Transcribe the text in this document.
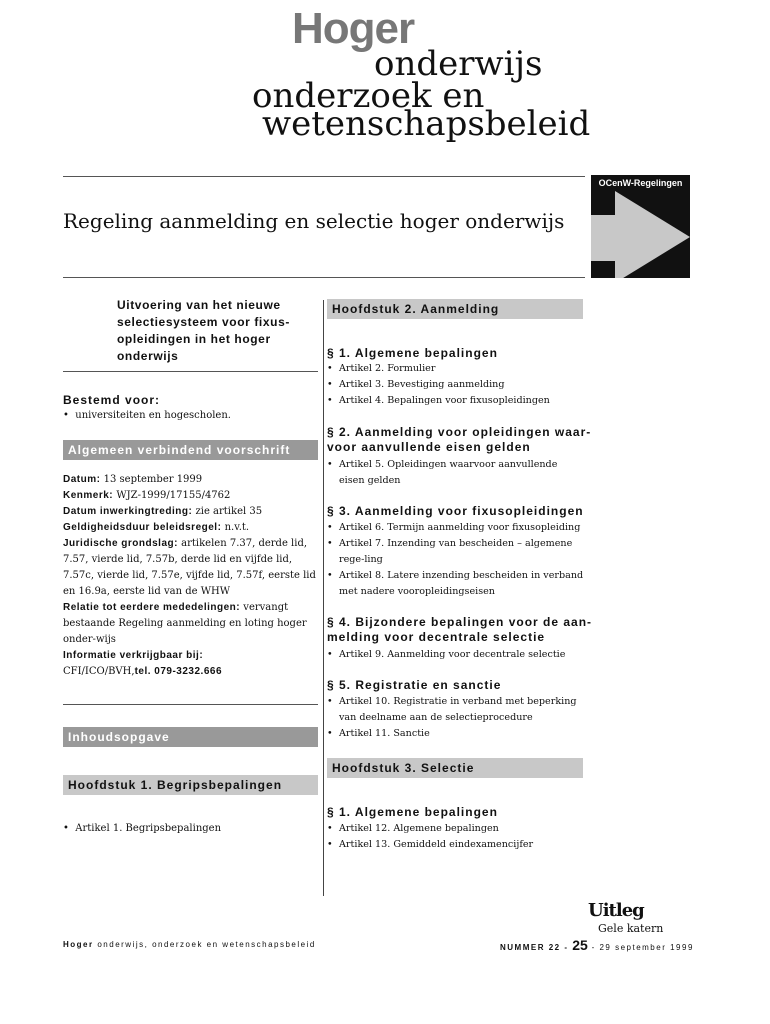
Hoger
onderwijs
onderzoek en
wetenschapsbeleid
Regeling aanmelding en selectie hoger onderwijs
OCenW-Regelingen
Uitvoering van het nieuwe selectiesysteem voor fixus-opleidingen in het hoger onderwijs
Bestemd voor:
•  universiteiten en hogescholen.
Algemeen verbindend voorschrift
Datum: 13 september 1999
Kenmerk: WJZ-1999/17155/4762
Datum inwerkingtreding: zie artikel 35
Geldigheidsduur beleidsregel: n.v.t.
Juridische grondslag: artikelen 7.37, derde lid, 7.57, vierde lid, 7.57b, derde lid en vijfde lid, 7.57c, vierde lid, 7.57e, vijfde lid, 7.57f, eerste lid en 16.9a, eerste lid van de WHW
Relatie tot eerdere mededelingen: vervangt bestaande Regeling aanmelding en loting hoger onder-wijs
Informatie verkrijgbaar bij:
CFI/ICO/BVH,tel. 079-3232.666
Inhoudsopgave
Hoofdstuk 1. Begripsbepalingen
•  Artikel 1. Begripsbepalingen
Hoofdstuk 2. Aanmelding
§ 1. Algemene bepalingen
• Artikel 2. Formulier
• Artikel 3. Bevestiging aanmelding
• Artikel 4. Bepalingen voor fixusopleidingen
§ 2. Aanmelding voor opleidingen waar-
voor aanvullende eisen gelden
• Artikel 5. Opleidingen waarvoor aanvullende eisen gelden
§ 3. Aanmelding voor fixusopleidingen
• Artikel 6. Termijn aanmelding voor fixusopleiding
• Artikel 7. Inzending van bescheiden – algemene rege-ling
• Artikel 8. Latere inzending bescheiden in verband met nadere vooropleidingseisen
§ 4. Bijzondere bepalingen voor de aan-
melding voor decentrale selectie
• Artikel 9. Aanmelding voor decentrale selectie
§ 5. Registratie en sanctie
• Artikel 10. Registratie in verband met beperking van deelname aan de selectieprocedure
• Artikel 11. Sanctie
Hoofdstuk 3. Selectie
§ 1. Algemene bepalingen
• Artikel 12. Algemene bepalingen
• Artikel 13. Gemiddeld eindexamencijfer
Uitleg
Gele katern
Hoger onderwijs, onderzoek en wetenschapsbeleid	NUMMER 22 - 25 - 29 september 1999
